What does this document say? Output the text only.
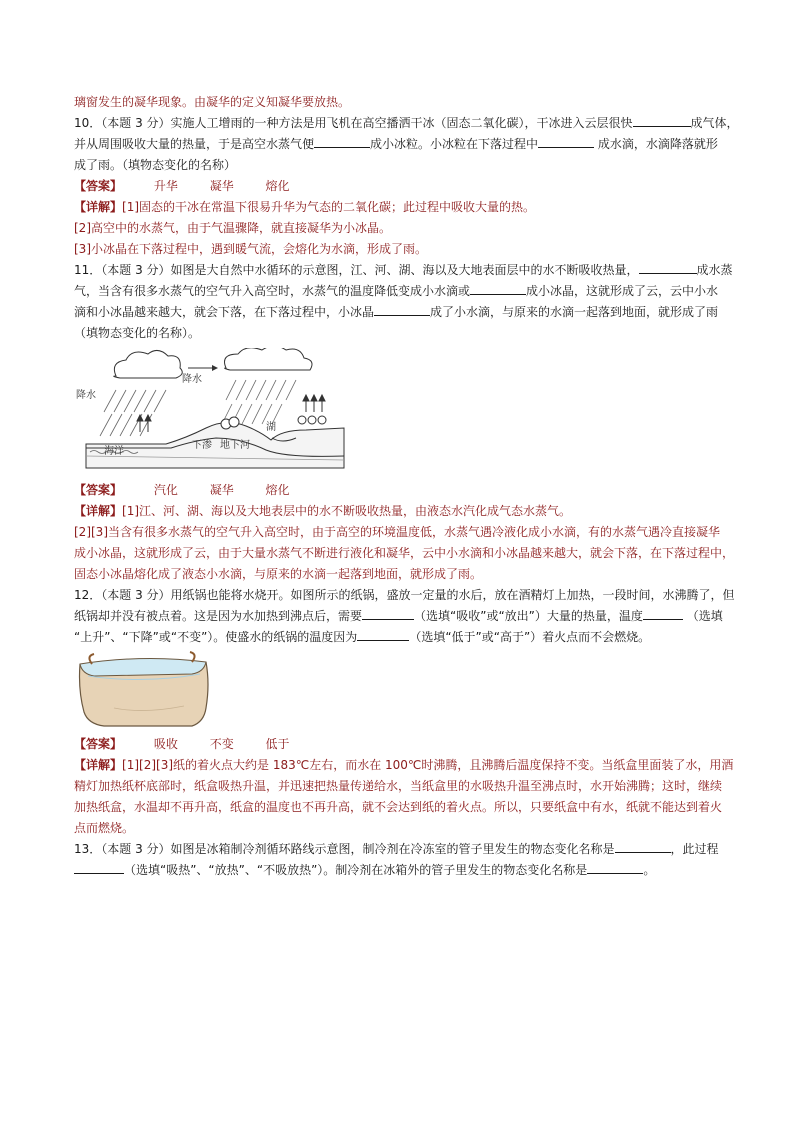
璃窗发生的凝华现象。由凝华的定义知凝华要放热。
10．（本题 3 分）实施人工增雨的一种方法是用飞机在高空播洒干冰（固态二氧化碳），干冰进入云层很快	成气体，
并从周围吸收大量的热量，于是高空水蒸气便	成小冰粒。小冰粒在下落过程中	成水滴，水滴降落就形
成了雨。（填物态变化的名称）
【答案】	升华	凝华	熔化
【详解】[1]固态的干冰在常温下很易升华为气态的二氧化碳；此过程中吸收大量的热。
[2]高空中的水蒸气，由于气温骤降，就直接凝华为小冰晶。
[3]小冰晶在下落过程中，遇到暖气流，会熔化为水滴，形成了雨。
11．（本题 3 分）如图是大自然中水循环的示意图，江、河、湖、海以及大地表面层中的水不断吸收热量，	成水蒸
气，当含有很多水蒸气的空气升入高空时，水蒸气的温度降低变成小水滴或	成小冰晶，这就形成了云，云中小水
滴和小冰晶越来越大，就会下落，在下落过程中，小冰晶	成了小水滴，与原来的水滴一起落到地面，就形成了雨
（填物态变化的名称）。
降水
降水
海洋
下渗 地下河
湖
【答案】	汽化	凝华	熔化
【详解】[1]江、河、湖、海以及大地表层中的水不断吸收热量，由液态水汽化成气态水蒸气。
[2][3]当含有很多水蒸气的空气升入高空时，由于高空的环境温度低，水蒸气遇冷液化成小水滴，有的水蒸气遇冷直接凝华
成小冰晶，这就形成了云，由于大量水蒸气不断进行液化和凝华，云中小水滴和小冰晶越来越大，就会下落，在下落过程中，
固态小冰晶熔化成了液态小水滴，与原来的水滴一起落到地面，就形成了雨。
12．（本题 3 分）用纸锅也能将水烧开。如图所示的纸锅，盛放一定量的水后，放在酒精灯上加热，一段时间，水沸腾了，但
纸锅却并没有被点着。这是因为水加热到沸点后，需要	（选填“吸收”或“放出”）大量的热量，温度	（选填
“上升”、“下降”或“不变”）。使盛水的纸锅的温度因为	（选填“低于”或“高于”）着火点而不会燃烧。
【答案】	吸收	不变	低于
【详解】[1][2][3]纸的着火点大约是 183℃左右，而水在 100℃时沸腾，且沸腾后温度保持不变。当纸盒里面装了水，用酒
精灯加热纸杯底部时，纸盒吸热升温，并迅速把热量传递给水，当纸盒里的水吸热升温至沸点时，水开始沸腾；这时，继续
加热纸盒，水温却不再升高，纸盒的温度也不再升高，就不会达到纸的着火点。所以，只要纸盒中有水，纸就不能达到着火
点而燃烧。
13．（本题 3 分）如图是冰箱制冷剂循环路线示意图，制冷剂在冷冻室的管子里发生的物态变化名称是	，此过程
（选填“吸热”、“放热”、“不吸放热”）。制冷剂在冰箱外的管子里发生的物态变化名称是	。
